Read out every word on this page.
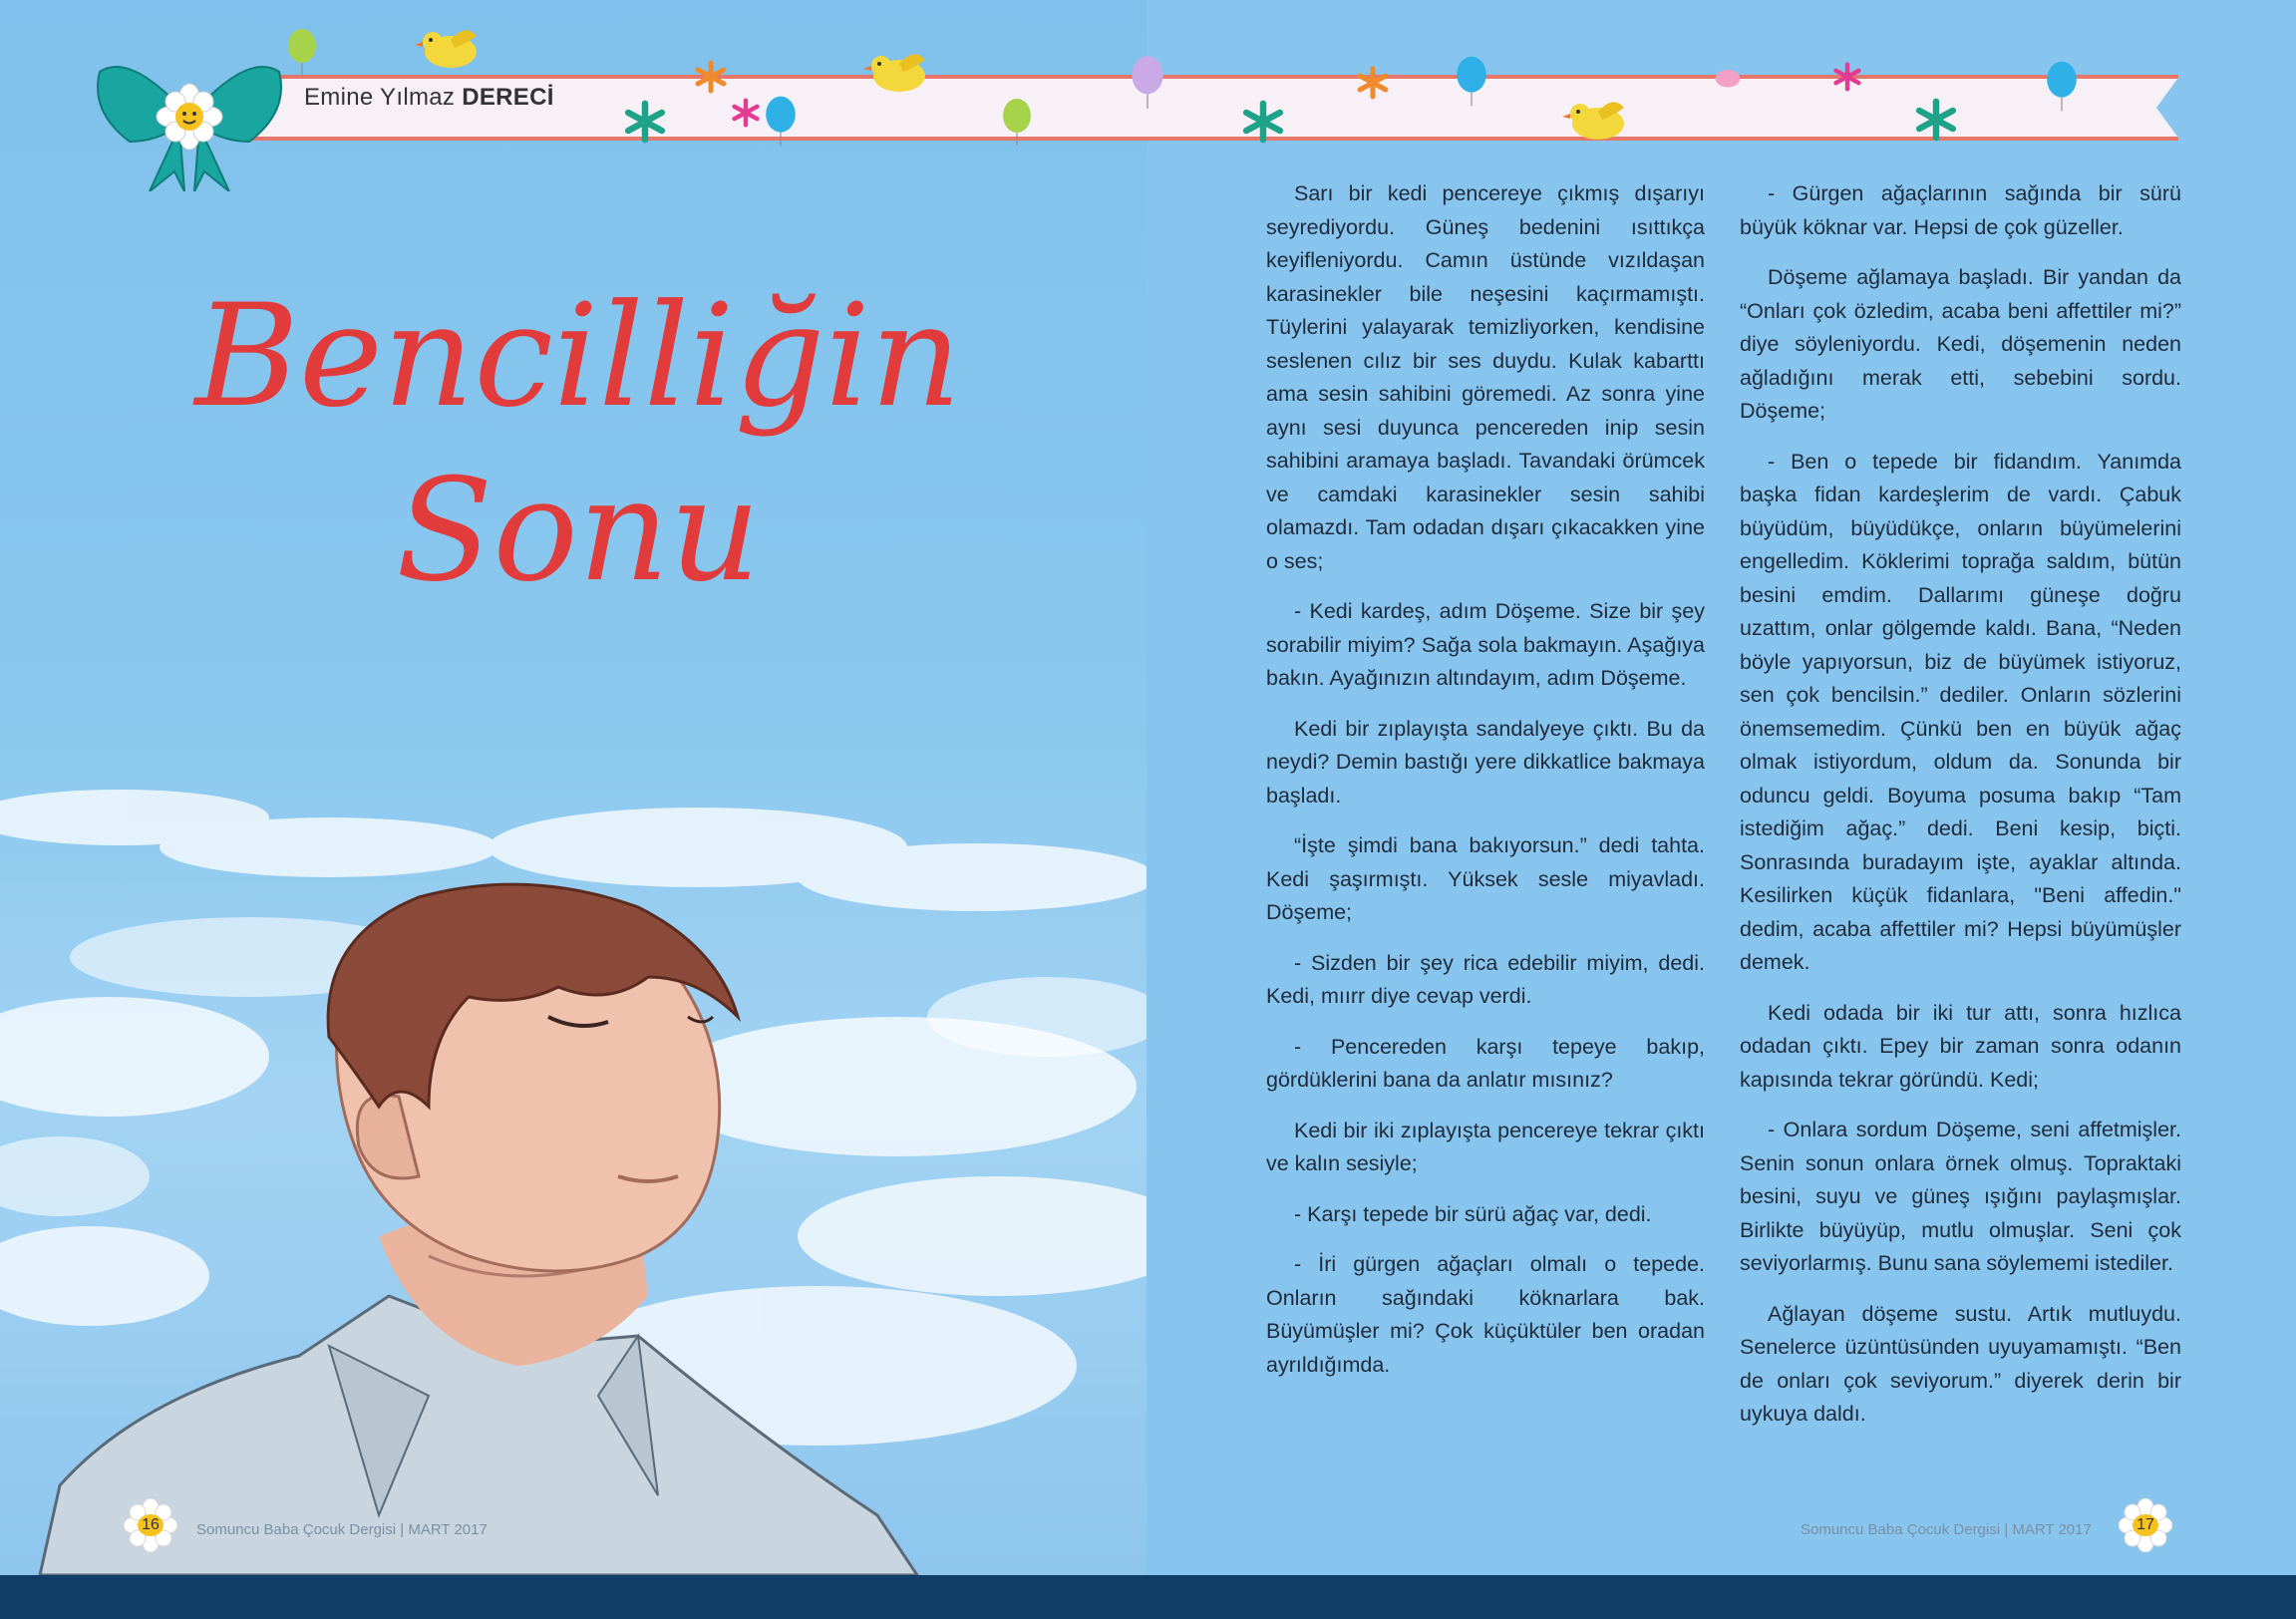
Bencilliğin
Sonu
16 Somuncu Baba Çocuk Dergisi | MART 2017
Emine Yılmaz DERECİ

Sarı bir kedi pencereye çıkmış dışarıyı seyrediyordu. Güneş bedenini ısıttıkça keyifleniyordu. Camın üstünde vızıldaşan karasinekler bile neşesini kaçırmamıştı. Tüylerini yalayarak temizliyorken, kendisine seslenen cılız bir ses duydu. Kulak kabarttı ama sesin sahibini göremedi. Az sonra yine aynı sesi duyunca pencereden inip sesin sahibini aramaya başladı. Tavandaki örümcek ve camdaki karasinekler sesin sahibi olamazdı. Tam odadan dışarı çıkacakken yine o ses;

- Kedi kardeş, adım Döşeme. Size bir şey sorabilir miyim? Sağa sola bakmayın. Aşağıya bakın. Ayağınızın altındayım, adım Döşeme.

Kedi bir zıplayışta sandalyeye çıktı. Bu da neydi? Demin bastığı yere dikkatlice bakmaya başladı.

“İşte şimdi bana bakıyorsun.” dedi tahta. Kedi şaşırmıştı. Yüksek sesle miyavladı. Döşeme;

- Sizden bir şey rica edebilir miyim, dedi. Kedi, mıırr diye cevap verdi.

- Pencereden karşı tepeye bakıp, gördüklerini bana da anlatır mısınız?

Kedi bir iki zıplayışta pencereye tekrar çıktı ve kalın sesiyle;

- Karşı tepede bir sürü ağaç var, dedi.

- İri gürgen ağaçları olmalı o tepede. Onların sağındaki köknarlara bak. Büyümüşler mi? Çok küçüktüler ben oradan ayrıldığımda.

- Gürgen ağaçlarının sağında bir sürü büyük köknar var. Hepsi de çok güzeller.

Döşeme ağlamaya başladı. Bir yandan da “Onları çok özledim, acaba beni affettiler mi?” diye söyleniyordu. Kedi, döşemenin neden ağladığını merak etti, sebebini sordu. Döşeme;

- Ben o tepede bir fidandım. Yanımda başka fidan kardeşlerim de vardı. Çabuk büyüdüm, büyüdükçe, onların büyümelerini engelledim. Köklerimi toprağa saldım, bütün besini emdim. Dallarımı güneşe doğru uzattım, onlar gölgemde kaldı. Bana, “Neden böyle yapıyorsun, biz de büyümek istiyoruz, sen çok bencilsin.” dediler. Onların sözlerini önemsemedim. Çünkü ben en büyük ağaç olmak istiyordum, oldum da. Sonunda bir oduncu geldi. Boyuma posuma bakıp “Tam istediğim ağaç.” dedi. Beni kesip, biçti. Sonrasında buradayım işte, ayaklar altında. Kesilirken küçük fidanlara, "Beni affedin." dedim, acaba affettiler mi? Hepsi büyümüşler demek.

Kedi odada bir iki tur attı, sonra hızlıca odadan çıktı. Epey bir zaman sonra odanın kapısında tekrar göründü. Kedi;

- Onlara sordum Döşeme, seni affetmişler. Senin sonun onlara örnek olmuş. Topraktaki besini, suyu ve güneş ışığını paylaşmışlar. Birlikte büyüyüp, mutlu olmuşlar. Seni çok seviyorlarmış. Bunu sana söylememi istediler.

Ağlayan döşeme sustu. Artık mutluydu. Senelerce üzüntüsünden uyuyamamıştı. “Ben de onları çok seviyorum.” diyerek derin bir uykuya daldı.

Somuncu Baba Çocuk Dergisi | MART 2017	17
